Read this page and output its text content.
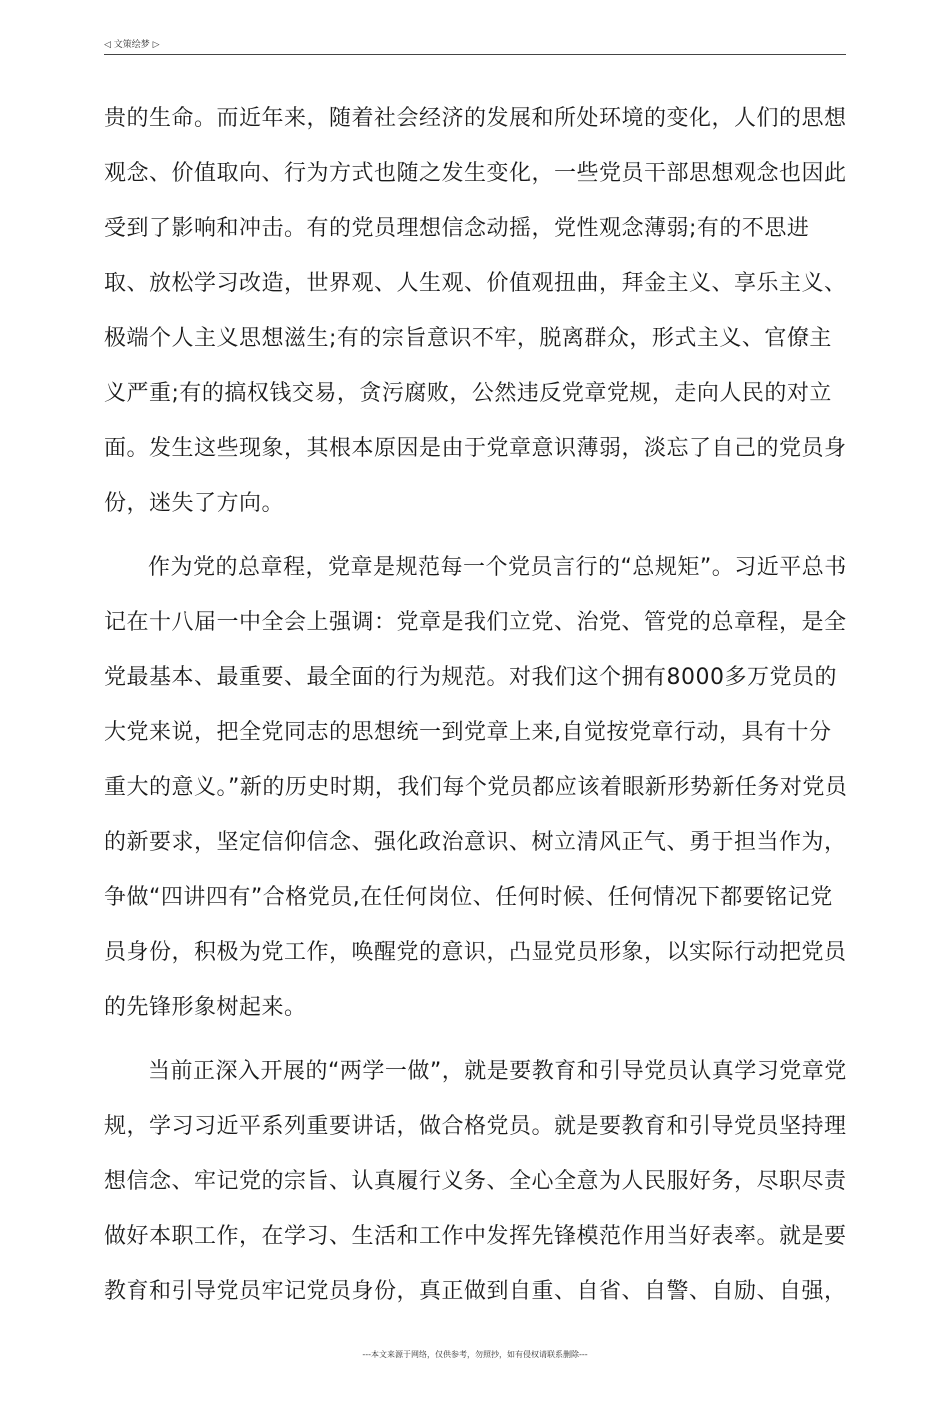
◁ 文策绘梦 ▷

贵的生命。而近年来，随着社会经济的发展和所处环境的变化，人们的思想观念、价值取向、行为方式也随之发生变化，一些党员干部思想观念也因此受到了影响和冲击。有的党员理想信念动摇，党性观念薄弱;有的不思进取、放松学习改造，世界观、人生观、价值观扭曲，拜金主义、享乐主义、极端个人主义思想滋生;有的宗旨意识不牢，脱离群众，形式主义、官僚主义严重;有的搞权钱交易，贪污腐败，公然违反党章党规，走向人民的对立面。发生这些现象，其根本原因是由于党章意识薄弱，淡忘了自己的党员身份，迷失了方向。

作为党的总章程，党章是规范每一个党员言行的“总规矩”。习近平总书记在十八届一中全会上强调：党章是我们立党、治党、管党的总章程，是全党最基本、最重要、最全面的行为规范。对我们这个拥有8000多万党员的大党来说，把全党同志的思想统一到党章上来,自觉按党章行动，具有十分重大的意义。”新的历史时期，我们每个党员都应该着眼新形势新任务对党员的新要求，坚定信仰信念、强化政治意识、树立清风正气、勇于担当作为，争做“四讲四有”合格党员,在任何岗位、任何时候、任何情况下都要铭记党员身份，积极为党工作，唤醒党的意识，凸显党员形象，以实际行动把党员的先锋形象树起来。

当前正深入开展的“两学一做”，就是要教育和引导党员认真学习党章党规，学习习近平系列重要讲话，做合格党员。就是要教育和引导党员坚持理想信念、牢记党的宗旨、认真履行义务、全心全意为人民服好务，尽职尽责做好本职工作，在学习、生活和工作中发挥先锋模范作用当好表率。就是要教育和引导党员牢记党员身份，真正做到自重、自省、自警、自励、自强，

---本文来源于网络，仅供参考，勿照抄，如有侵权请联系删除---
